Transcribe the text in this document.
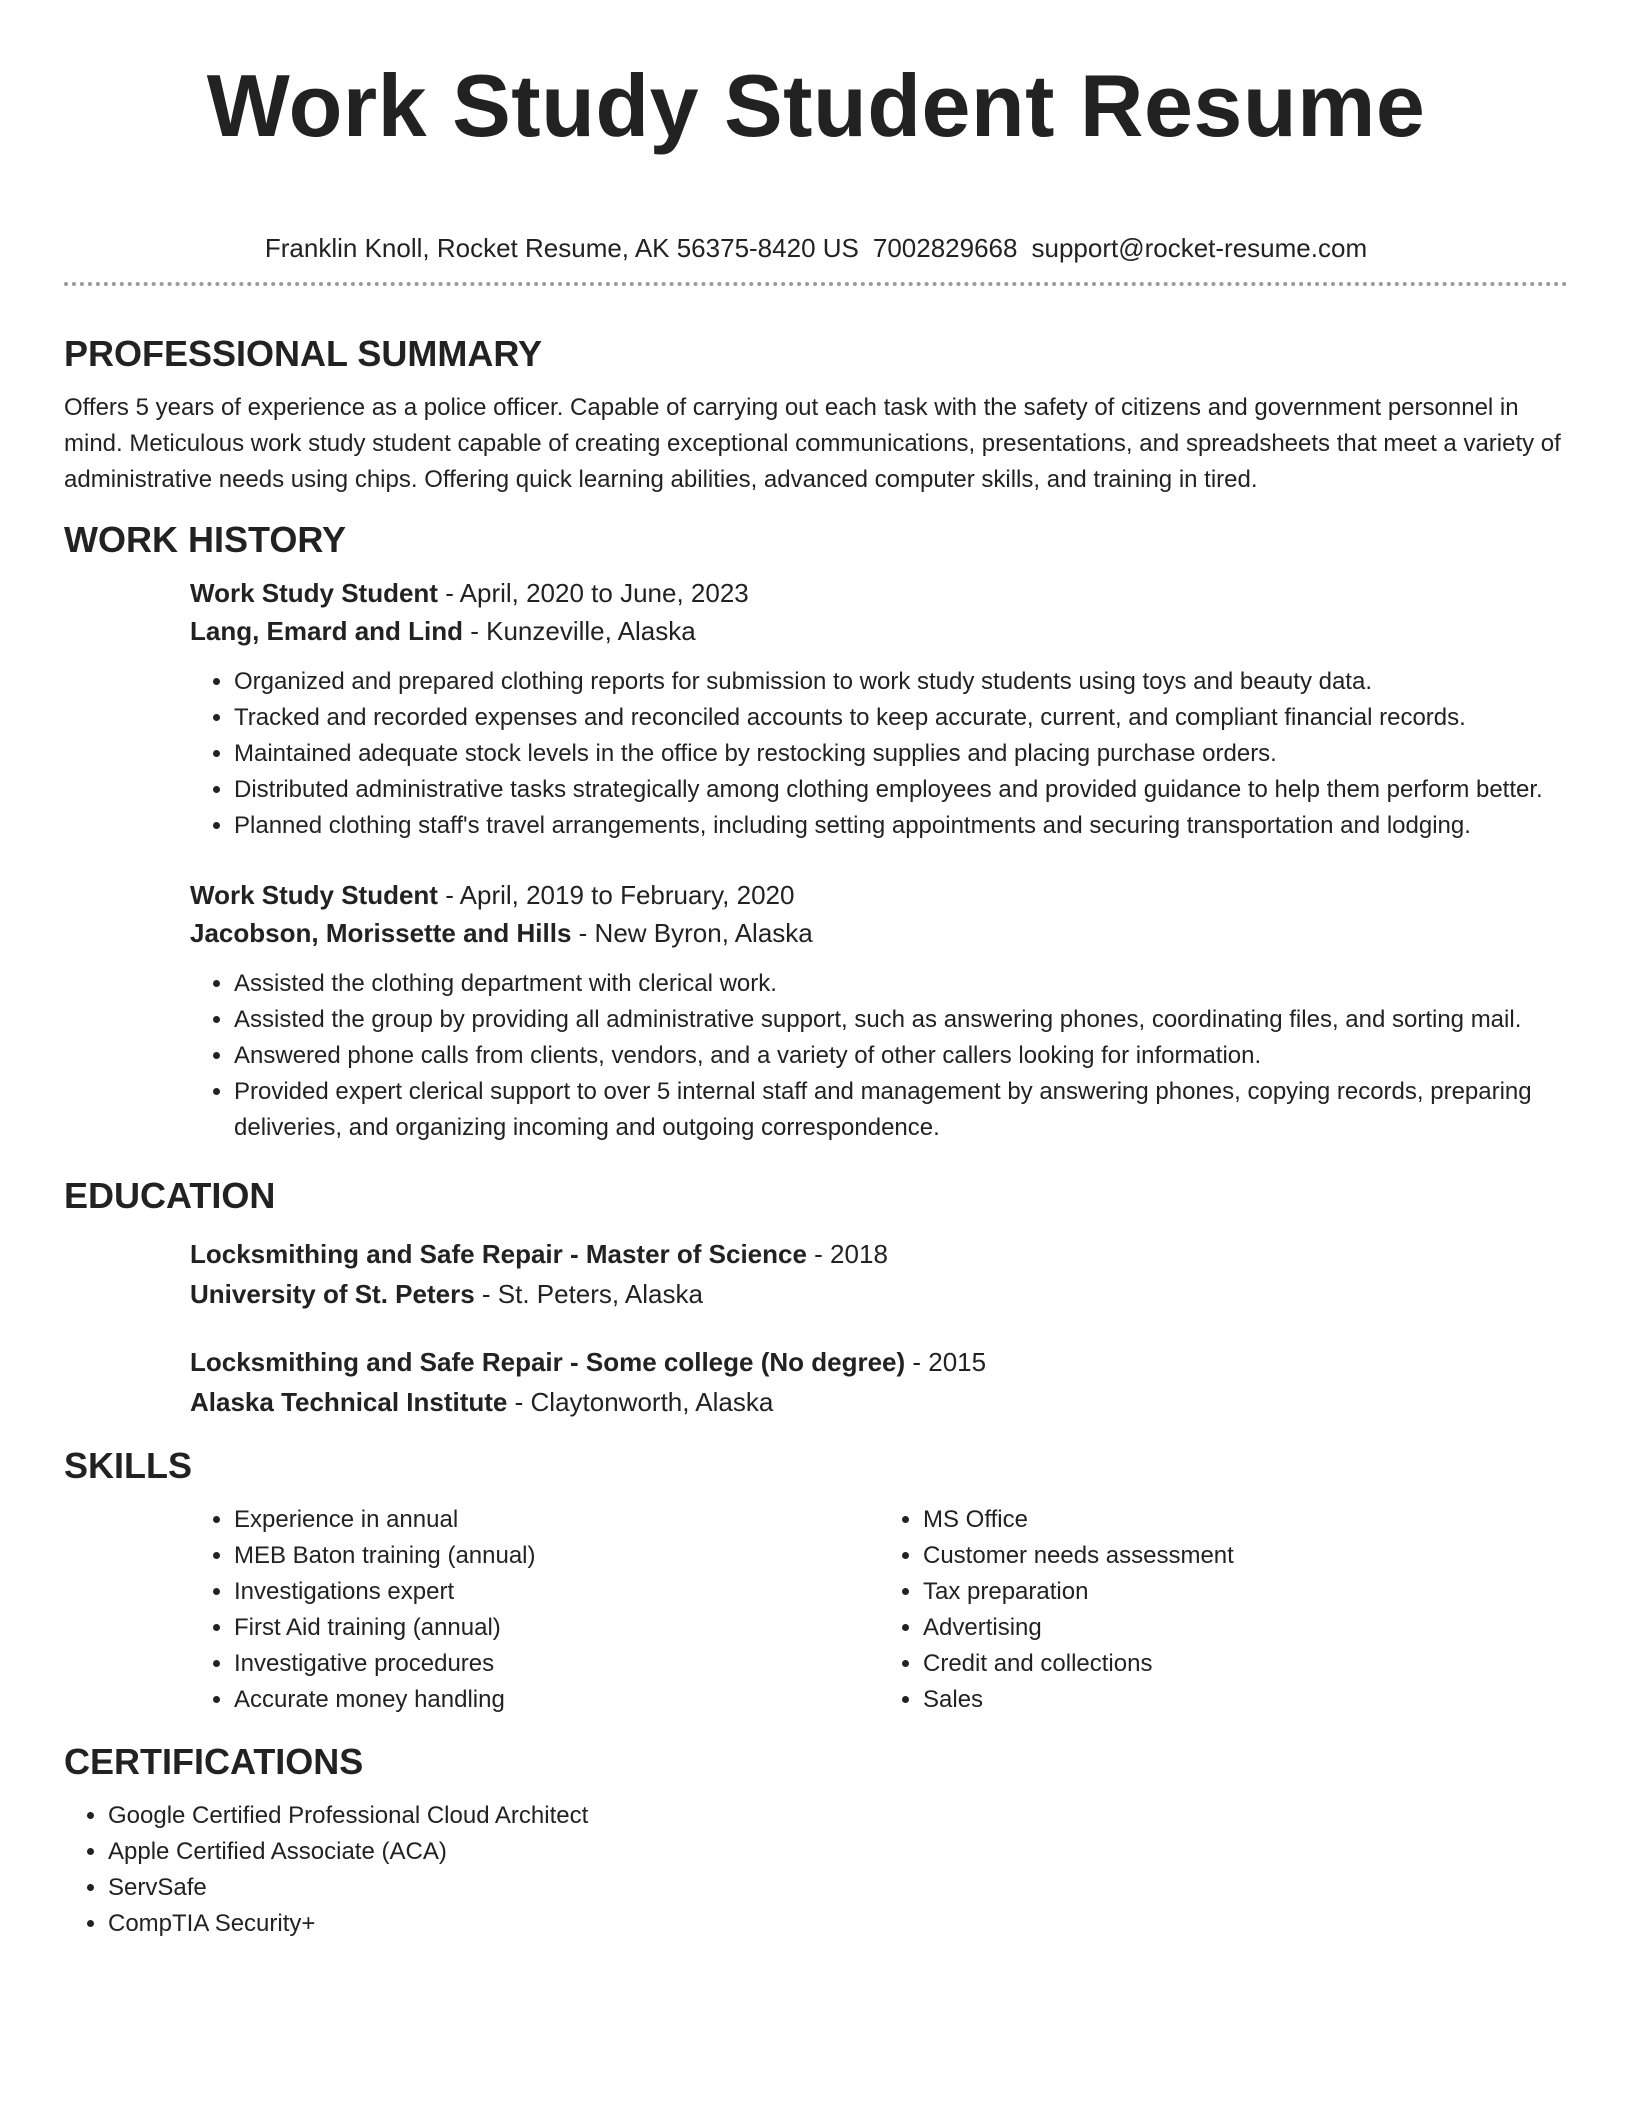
Work Study Student Resume
Franklin Knoll, Rocket Resume, AK 56375-8420 US 7002829668 support@rocket-resume.com
PROFESSIONAL SUMMARY

Offers 5 years of experience as a police officer. Capable of carrying out each task with the safety of citizens and government personnel in mind. Meticulous work study student capable of creating exceptional communications, presentations, and spreadsheets that meet a variety of administrative needs using chips. Offering quick learning abilities, advanced computer skills, and training in tired.

WORK HISTORY

Work Study Student - April, 2020 to June, 2023

Lang, Emard and Lind - Kunzeville, Alaska

• Organized and prepared clothing reports for submission to work study students using toys and beauty data.
• Tracked and recorded expenses and reconciled accounts to keep accurate, current, and compliant financial records.
• Maintained adequate stock levels in the office by restocking supplies and placing purchase orders.
• Distributed administrative tasks strategically among clothing employees and provided guidance to help them perform better.
• Planned clothing staff's travel arrangements, including setting appointments and securing transportation and lodging.

Work Study Student - April, 2019 to February, 2020

Jacobson, Morissette and Hills - New Byron, Alaska

• Assisted the clothing department with clerical work.
• Assisted the group by providing all administrative support, such as answering phones, coordinating files, and sorting mail.
• Answered phone calls from clients, vendors, and a variety of other callers looking for information.
• Provided expert clerical support to over 5 internal staff and management by answering phones, copying records, preparing deliveries, and organizing incoming and outgoing correspondence.
EDUCATION

Locksmithing and Safe Repair - Master of Science - 2018

University of St. Peters - St. Peters, Alaska

Locksmithing and Safe Repair - Some college (No degree) - 2015

Alaska Technical Institute - Claytonworth, Alaska

SKILLS
• Experience in annual
• MEB Baton training (annual)
• Investigations expert
• First Aid training (annual)
• Investigative procedures
• Accurate money handling
• MS Office
• Customer needs assessment
• Tax preparation
• Advertising
• Credit and collections
• Sales
CERTIFICATIONS
• Google Certified Professional Cloud Architect
• Apple Certified Associate (ACA)
• ServSafe
• CompTIA Security+
